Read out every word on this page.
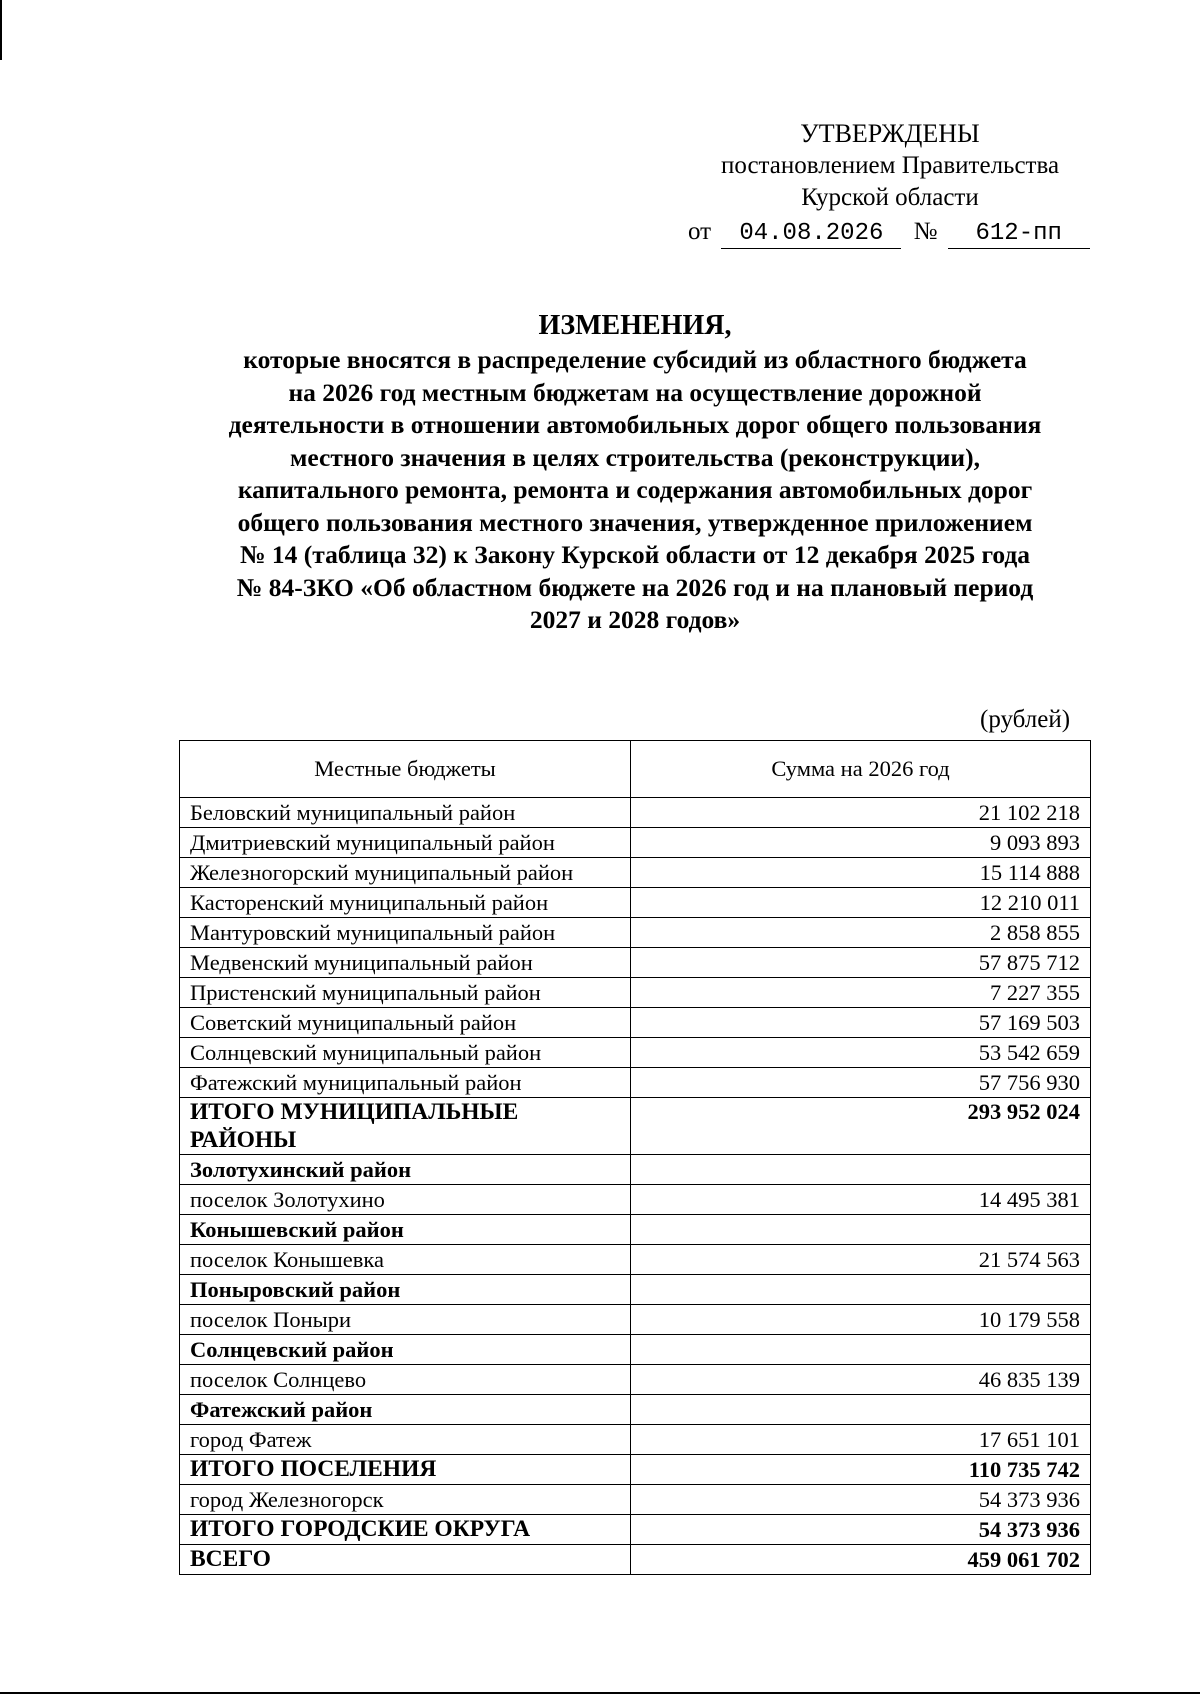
УТВЕРЖДЕНЫ
постановлением Правительства
Курской области
от 04.08.2026 № 612-пп
ИЗМЕНЕНИЯ,
которые вносятся в распределение субсидий из областного бюджета
на 2026 год местным бюджетам на осуществление дорожной
деятельности в отношении автомобильных дорог общего пользования
местного значения в целях строительства (реконструкции),
капитального ремонта, ремонта и содержания автомобильных дорог
общего пользования местного значения, утвержденное приложением
№ 14 (таблица 32) к Закону Курской области от 12 декабря 2025 года
№ 84-ЗКО «Об областном бюджете на 2026 год и на плановый период
2027 и 2028 годов»
(рублей)
Местные бюджеты	Сумма на 2026 год
Беловский муниципальный район	21 102 218
Дмитриевский муниципальный район	9 093 893
Железногорский муниципальный район	15 114 888
Касторенский муниципальный район	12 210 011
Мантуровский муниципальный район	2 858 855
Медвенский муниципальный район	57 875 712
Пристенский муниципальный район	7 227 355
Советский муниципальный район	57 169 503
Солнцевский муниципальный район	53 542 659
Фатежский муниципальный район	57 756 930
ИТОГО МУНИЦИПАЛЬНЫЕ РАЙОНЫ	293 952 024
Золотухинский район	
поселок Золотухино	14 495 381
Конышевский район	
поселок Конышевка	21 574 563
Поныровский район	
поселок Поныри	10 179 558
Солнцевский район	
поселок Солнцево	46 835 139
Фатежский район	
город Фатеж	17 651 101
ИТОГО ПОСЕЛЕНИЯ	110 735 742
город Железногорск	54 373 936
ИТОГО ГОРОДСКИЕ ОКРУГА	54 373 936
ВСЕГО	459 061 702
